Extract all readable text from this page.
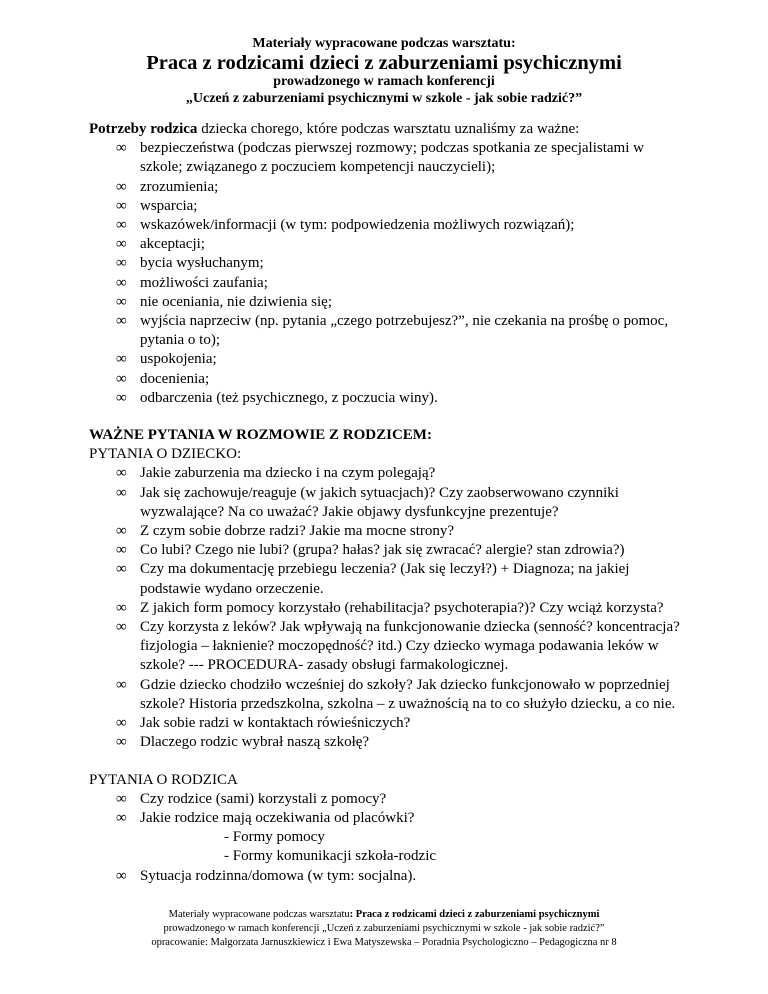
Materiały wypracowane podczas warsztatu:
Praca z rodzicami dzieci z zaburzeniami psychicznymi
prowadzonego w ramach konferencji
„Uczeń z zaburzeniami psychicznymi w szkole - jak sobie radzić?”

Potrzeby rodzica dziecka chorego, które podczas warsztatu uznaliśmy za ważne:

∞ bezpieczeństwa (podczas pierwszej rozmowy; podczas spotkania ze specjalistami w szkole; związanego z poczuciem kompetencji nauczycieli);
∞ zrozumienia;
∞ wsparcia;
∞ wskazówek/informacji (w tym: podpowiedzenia możliwych rozwiązań);
∞ akceptacji;
∞ bycia wysłuchanym;
∞ możliwości zaufania;
∞ nie oceniania, nie dziwienia się;
∞ wyjścia naprzeciw (np. pytania „czego potrzebujesz?”, nie czekania na prośbę o pomoc, pytania o to);
∞ uspokojenia;
∞ docenienia;
∞ odbarczenia (też psychicznego, z poczucia winy).

WAŻNE PYTANIA W ROZMOWIE Z RODZICEM:

PYTANIA O DZIECKO:

∞ Jakie zaburzenia ma dziecko i na czym polegają?
∞ Jak się zachowuje/reaguje (w jakich sytuacjach)? Czy zaobserwowano czynniki wyzwalające? Na co uważać? Jakie objawy dysfunkcyjne prezentuje?
∞ Z czym sobie dobrze radzi? Jakie ma mocne strony?
∞ Co lubi? Czego nie lubi? (grupa? hałas? jak się zwracać? alergie? stan zdrowia?)
∞ Czy ma dokumentację przebiegu leczenia? (Jak się leczył?) + Diagnoza; na jakiej podstawie wydano orzeczenie.
∞ Z jakich form pomocy korzystało (rehabilitacja? psychoterapia?)? Czy wciąż korzysta?
∞ Czy korzysta z leków? Jak wpływają na funkcjonowanie dziecka (senność? koncentracja? fizjologia – łaknienie? moczopędność? itd.) Czy dziecko wymaga podawania leków w szkole? --- PROCEDURA- zasady obsługi farmakologicznej.
∞ Gdzie dziecko chodziło wcześniej do szkoły? Jak dziecko funkcjonowało w poprzedniej szkole? Historia przedszkolna, szkolna – z uważnością na to co służyło dziecku, a co nie.
∞ Jak sobie radzi w kontaktach rówieśniczych?
∞ Dlaczego rodzic wybrał naszą szkołę?

PYTANIA O RODZICA

∞ Czy rodzice (sami) korzystali z pomocy?
∞ Jakie rodzice mają oczekiwania od placówki?
- Formy pomocy
- Formy komunikacji szkoła-rodzic
∞ Sytuacja rodzinna/domowa (w tym: socjalna).
Materiały wypracowane podczas warsztatu: Praca z rodzicami dzieci z zaburzeniami psychicznymi
prowadzonego w ramach konferencji „Uczeń z zaburzeniami psychicznymi w szkole - jak sobie radzić?”
opracowanie: Małgorzata Jarnuszkiewicz i Ewa Matyszewska – Poradnia Psychologiczno – Pedagogiczna nr 8
